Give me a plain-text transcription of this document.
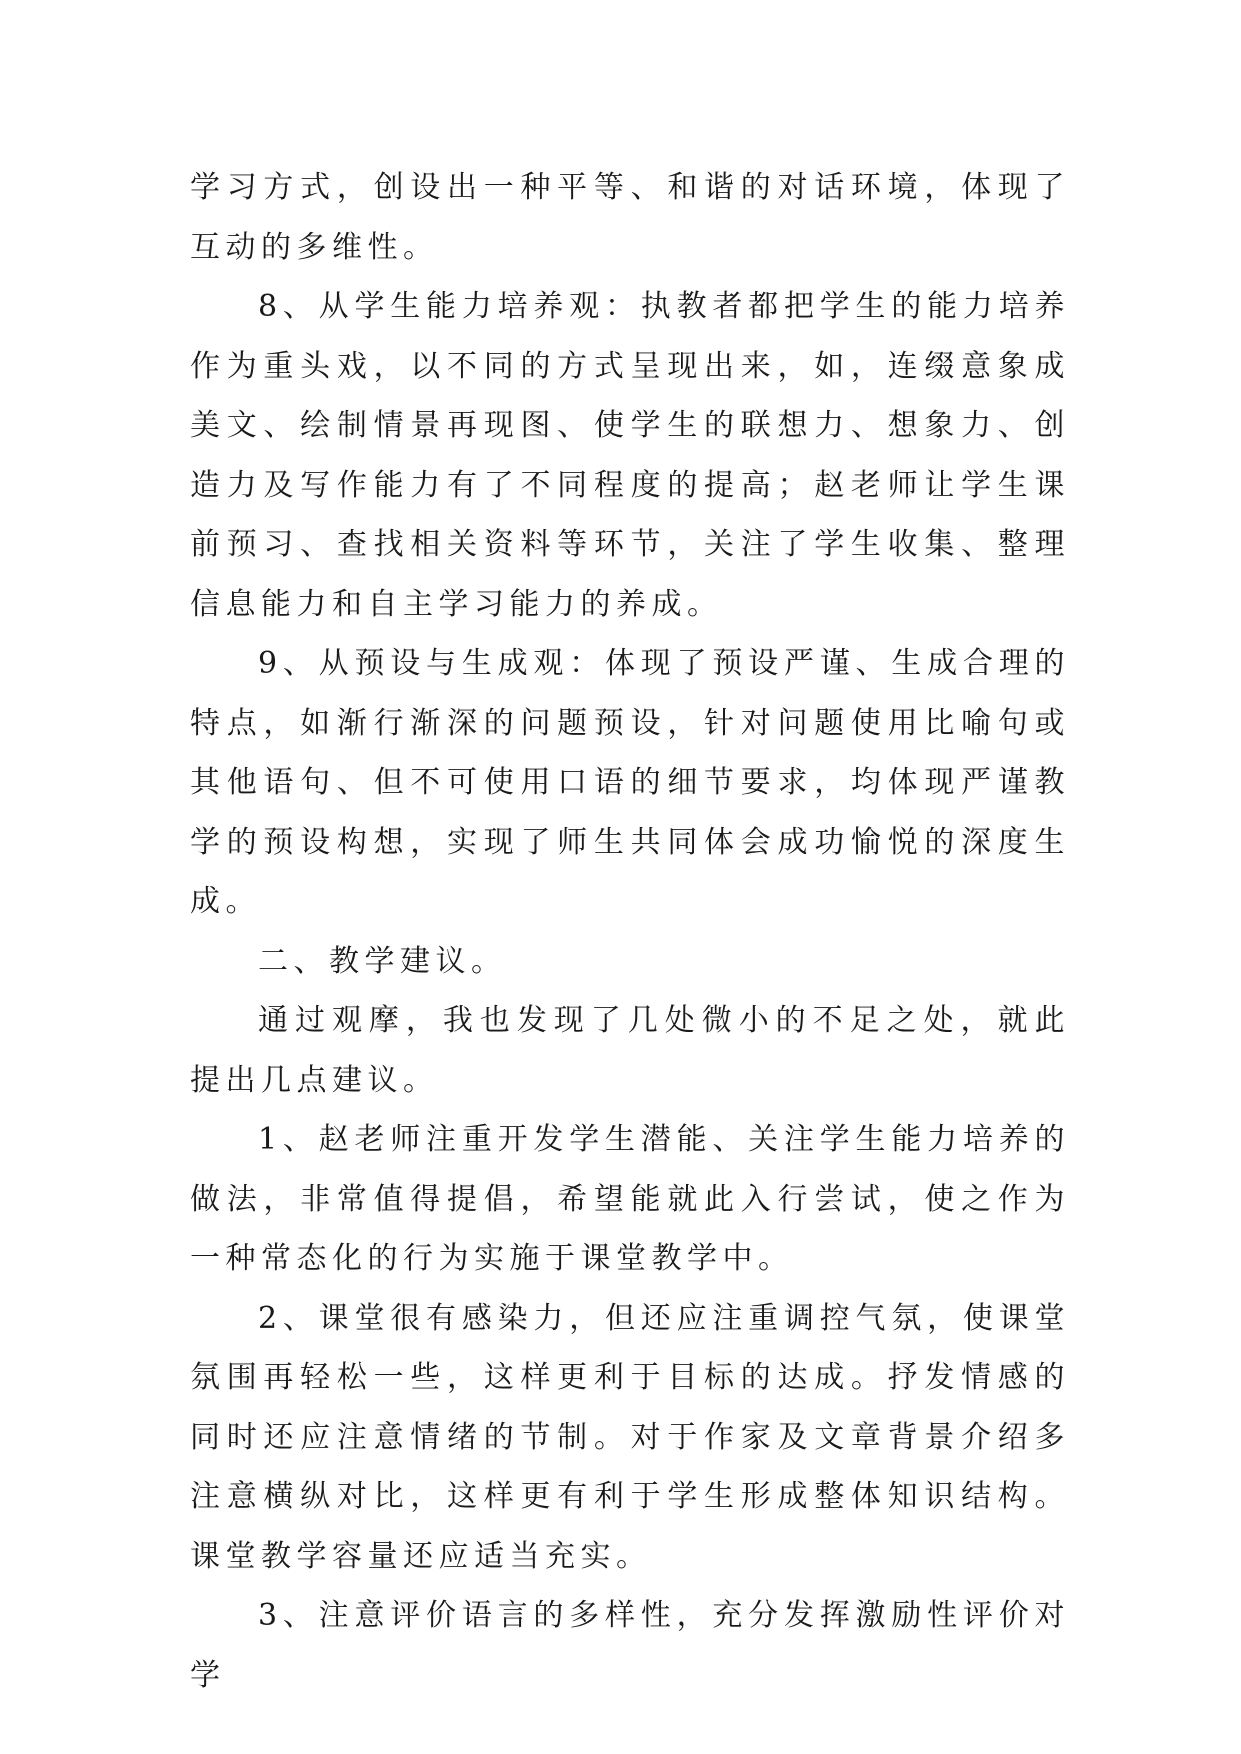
学习方式，创设出一种平等、和谐的对话环境，体现了互动的多维性。

8、从学生能力培养观：执教者都把学生的能力培养作为重头戏，以不同的方式呈现出来，如，连缀意象成美文、绘制情景再现图、使学生的联想力、想象力、创造力及写作能力有了不同程度的提高；赵老师让学生课前预习、查找相关资料等环节，关注了学生收集、整理信息能力和自主学习能力的养成。

9、从预设与生成观：体现了预设严谨、生成合理的特点，如渐行渐深的问题预设，针对问题使用比喻句或其他语句、但不可使用口语的细节要求，均体现严谨教学的预设构想，实现了师生共同体会成功愉悦的深度生成。

二、教学建议。

通过观摩，我也发现了几处微小的不足之处，就此提出几点建议。

1、赵老师注重开发学生潜能、关注学生能力培养的做法，非常值得提倡，希望能就此入行尝试，使之作为一种常态化的行为实施于课堂教学中。

2、课堂很有感染力，但还应注重调控气氛，使课堂氛围再轻松一些，这样更利于目标的达成。抒发情感的同时还应注意情绪的节制。对于作家及文章背景介绍多注意横纵对比，这样更有利于学生形成整体知识结构。课堂教学容量还应适当充实。

3、注意评价语言的多样性，充分发挥激励性评价对学
